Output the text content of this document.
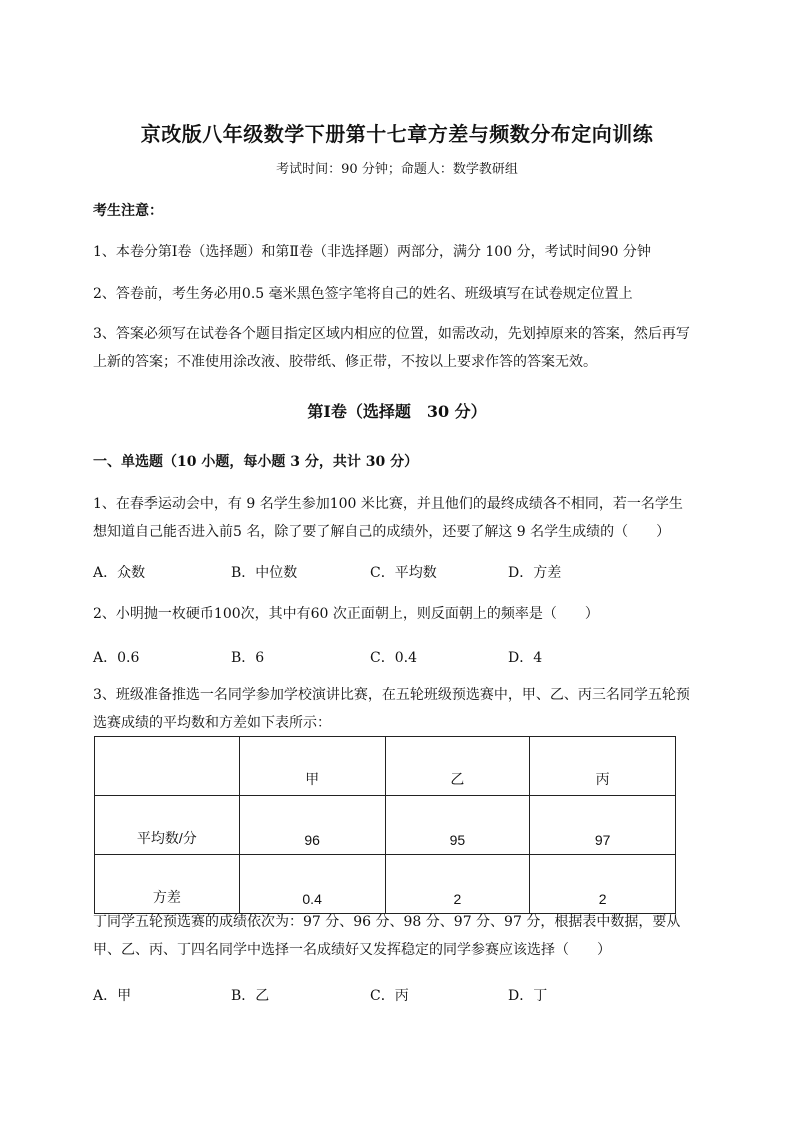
京改版八年级数学下册第十七章方差与频数分布定向训练
考试时间：90 分钟；命题人：数学教研组
考生注意：
1、本卷分第Ⅰ卷（选择题）和第Ⅱ卷（非选择题）两部分，满分 100 分，考试时间90 分钟
2、答卷前，考生务必用0.5 毫米黑色签字笔将自己的姓名、班级填写在试卷规定位置上
3、答案必须写在试卷各个题目指定区域内相应的位置，如需改动，先划掉原来的答案，然后再写上新的答案；不准使用涂改液、胶带纸、修正带，不按以上要求作答的答案无效。
第Ⅰ卷（选择题　30 分）
一、单选题（10 小题，每小题 3 分，共计 30 分）
1、在春季运动会中，有 9 名学生参加100 米比赛，并且他们的最终成绩各不相同，若一名学生想知道自己能否进入前5 名，除了要了解自己的成绩外，还要了解这 9 名学生成绩的（　　）
A．众数	B．中位数	C．平均数	D．方差
2、小明抛一枚硬币100次，其中有60 次正面朝上，则反面朝上的频率是（　　）
A．0.6	B．6	C．0.4	D．4
3、班级准备推选一名同学参加学校演讲比赛，在五轮班级预选赛中，甲、乙、丙三名同学五轮预选赛成绩的平均数和方差如下表所示：
	甲	乙	丙
平均数/分	96	95	97
方差	0.4	2	2
丁同学五轮预选赛的成绩依次为：97 分、96 分、98 分、97 分、97 分，根据表中数据，要从甲、乙、丙、丁四名同学中选择一名成绩好又发挥稳定的同学参赛应该选择（　　）
A．甲	B．乙	C．丙	D．丁
